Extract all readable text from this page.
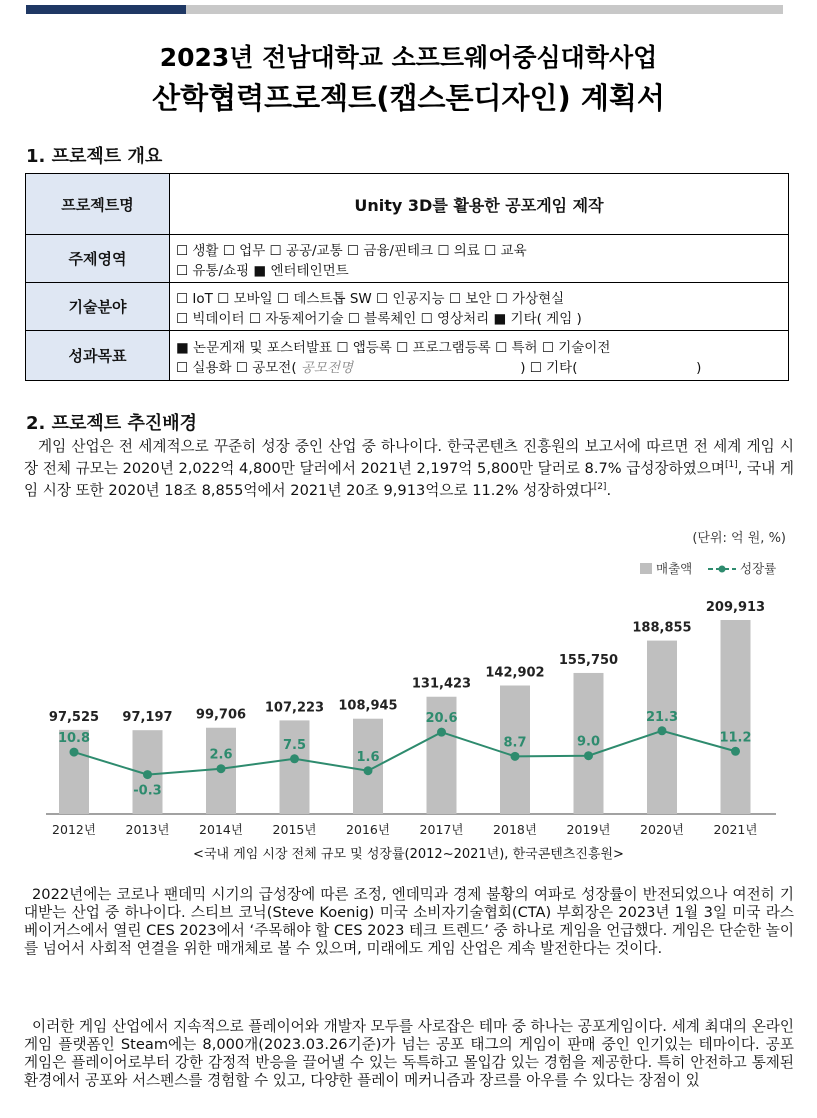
2023년 전남대학교 소프트웨어중심대학사업
산학협력프로젝트(캡스톤디자인) 계획서
1. 프로젝트 개요
프로젝트명	Unity 3D를 활용한 공포게임 제작
주제영역	☐ 생활 ☐ 업무 ☐ 공공/교통 ☐ 금융/핀테크 ☐ 의료 ☐ 교육
☐ 유통/쇼핑 ■ 엔터테인먼트

기술분야	☐ IoT ☐ 모바일 ☐ 데스트톱 SW ☐ 인공지능 ☐ 보안 ☐ 가상현실
☐ 빅데이터 ☐ 자동제어기술 ☐ 블록체인 ☐ 영상처리 ■ 기타( 게임 )

성과목표	■ 논문게재 및 포스터발표 ☐ 앱등록 ☐ 프로그램등록 ☐ 특허 ☐ 기술이전
☐ 실용화 ☐ 공모전( 공모전명 ) ☐ 기타( )
2. 프로젝트 추진배경
게임 산업은 전 세계적으로 꾸준히 성장 중인 산업 중 하나이다. 한국콘텐츠 진흥원의 보고서에 따르면 전 세계 게임 시장 전체 규모는 2020년 2,022억 4,800만 달러에서 2021년 2,197억 5,800만 달러로 8.7% 급성장하였으며[1], 국내 게임 시장 또한 2020년 18조 8,855억에서 2021년 20조 9,913억으로 11.2% 성장하였다[2].
(단위: 억 원, %)
매출액	성장률
97,525
2012년
97,197
2013년
99,706
2014년
107,223
2015년
108,945
2016년
131,423
2017년
142,902
2018년
155,750
2019년
188,855
2020년
209,913
2021년
10.8
-0.3
2.6
7.5
1.6
20.6
8.7	9.0
21.3
11.2
<국내 게임 시장 전체 규모 및 성장률(2012~2021년), 한국콘텐츠진흥원>
2022년에는 코로나 팬데믹 시기의 급성장에 따른 조정, 엔데믹과 경제 불황의 여파로 성장률이 반전되었으나 여전히 기대받는 산업 중 하나이다. 스티브 코닉(Steve Koenig) 미국 소비자기술협회(CTA) 부회장은 2023년 1월 3일 미국 라스베이거스에서 열린 CES 2023에서 ‘주목해야 할 CES 2023 테크 트렌드’ 중 하나로 게임을 언급했다. 게임은 단순한 놀이를 넘어서 사회적 연결을 위한 매개체로 볼 수 있으며, 미래에도 게임 산업은 계속 발전한다는 것이다.
이러한 게임 산업에서 지속적으로 플레이어와 개발자 모두를 사로잡은 테마 중 하나는 공포게임이다. 세계 최대의 온라인 게임 플랫폼인 Steam에는 8,000개(2023.03.26기준)가 넘는 공포 태그의 게임이 판매 중인 인기있는 테마이다. 공포 게임은 플레이어로부터 강한 감정적 반응을 끌어낼 수 있는 독특하고 몰입감 있는 경험을 제공한다. 특히 안전하고 통제된 환경에서 공포와 서스펜스를 경험할 수 있고, 다양한 플레이 메커니즘과 장르를 아우를 수 있다는 장점이 있
